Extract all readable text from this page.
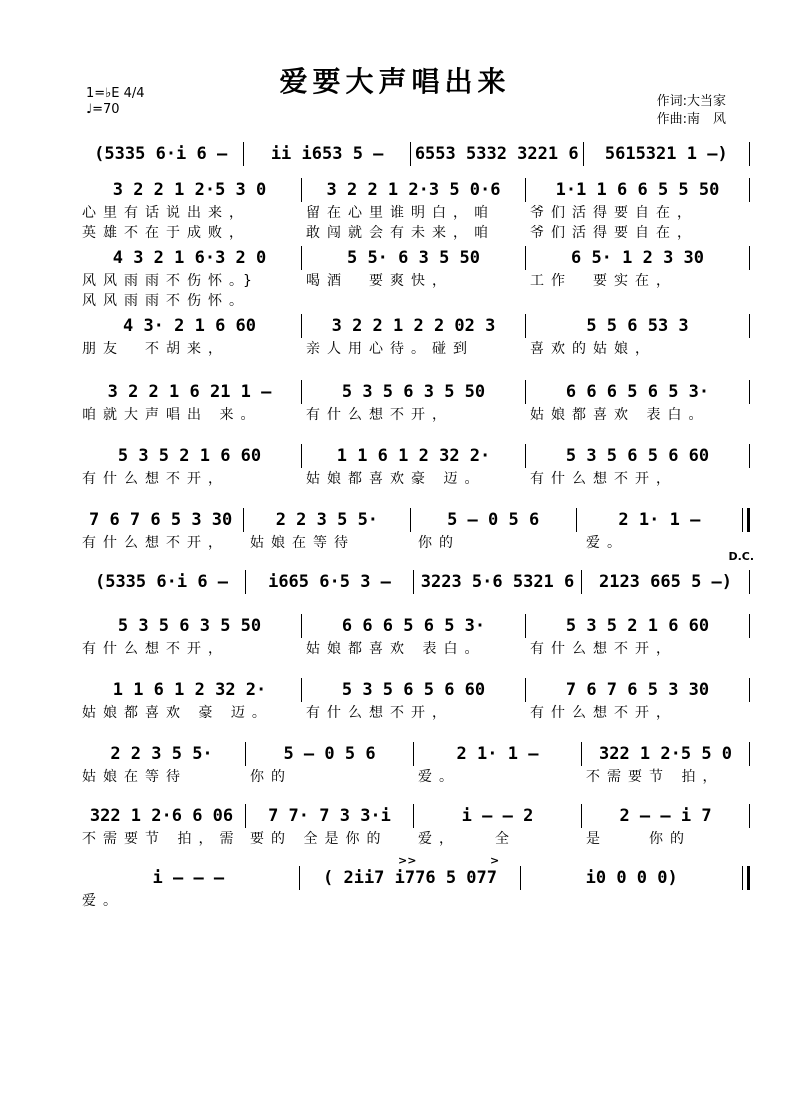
爱要大声唱出来
1=♭E 4/4
♩=70
作词:大当家
作曲:南　风
(5335 6·i 6 –	ii i653 5 –	6553 5332 3221 6	5615321 1 –)
3 2 2 1 2·5 3 0	3 2 2 1 2·3 5 0·6	1·1 1 6 6 5 5 50
心里有话说出来，	留在心里谁明白，咱	爷们活得要自在，
英雄不在于成败，	敢闯就会有未来，咱	爷们活得要自在，
4 3 2 1 6·3 2 0	5 5· 6 3 5 50	6 5· 1 2 3 30
风风雨雨不伤怀。}	喝酒　要爽快，	工作　要实在，
风风雨雨不伤怀。
4 3· 2 1 6 60	3 2 2 1 2 2 02 3	5 5 6 53 3
朋友　不胡来，	亲人用心待。碰到	喜欢的姑娘，
3 2 2 1 6 21 1 –	5 3 5 6 3 5 50	6 6 6 5 6 5 3·
咱就大声唱出 来。	有什么想不开，	姑娘都喜欢 表白。
5 3 5 2 1 6 60	1 1 6 1 2 32 2·	5 3 5 6 5 6 60
有什么想不开，	姑娘都喜欢豪 迈。	有什么想不开，
7 6 7 6 5 3 30	2 2 3 5 5·	5 – 0 5 6	2 1· 1 –
有什么想不开，	姑娘在等待	你的	爱。
D.C.
(5335 6·i 6 –	i665 6·5 3 –	3223 5·6 5321 6	2123 665 5 –)
5 3 5 6 3 5 50	6 6 6 5 6 5 3·	5 3 5 2 1 6 60
有什么想不开，	姑娘都喜欢 表白。	有什么想不开，
1 1 6 1 2 32 2·	5 3 5 6 5 6 60	7 6 7 6 5 3 30
姑娘都喜欢 豪 迈。	有什么想不开，	有什么想不开，
2 2 3 5 5·	5 – 0 5 6	2 1· 1 –	322 1 2·5 5 0
姑娘在等待	你的	爱。	不需要节 拍，
322 1 2·6 6 06	7 7· 7 3 3·i	i – – 2	2 – – i 7
不需要节 拍，需 要的 全是你的	爱，　　全	是　　你的
i – – –	( 2ii7 i776 5 077	i0 0 0 0)
爱。
>>	>
